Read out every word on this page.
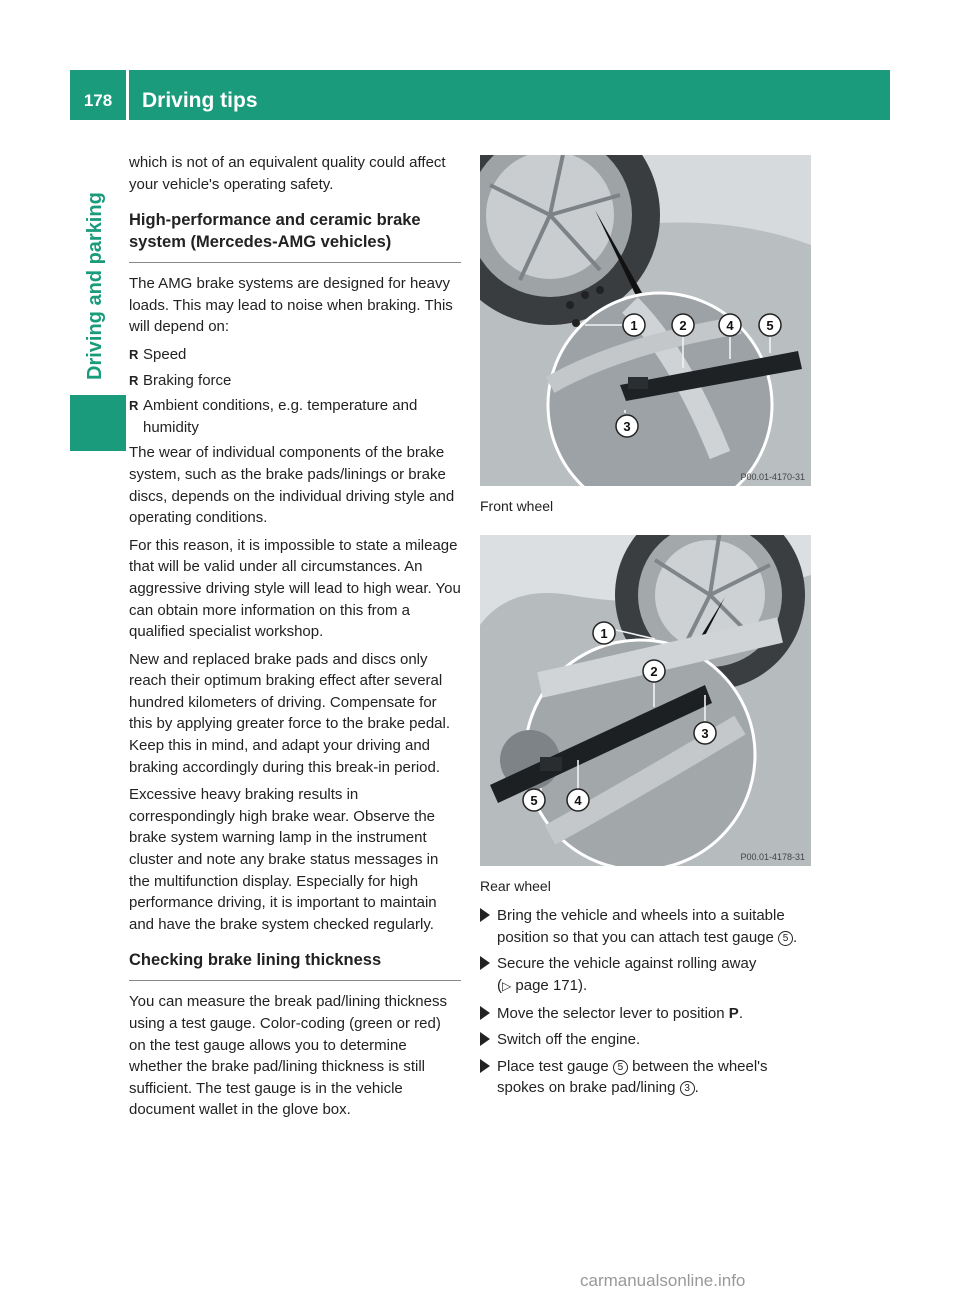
178	Driving tips
Driving and parking

which is not of an equivalent quality could affect your vehicle's operating safety.

High-performance and ceramic brake system (Mercedes-AMG vehicles)

The AMG brake systems are designed for heavy loads. This may lead to noise when braking. This will depend on:

R Speed
R Braking force
R Ambient conditions, e.g. temperature and humidity

The wear of individual components of the brake system, such as the brake pads/linings or brake discs, depends on the individual driving style and operating conditions.

For this reason, it is impossible to state a mileage that will be valid under all circumstances. An aggressive driving style will lead to high wear. You can obtain more information on this from a qualified specialist workshop.

New and replaced brake pads and discs only reach their optimum braking effect after several hundred kilometers of driving. Compensate for this by applying greater force to the brake pedal. Keep this in mind, and adapt your driving and braking accordingly during this break-in period.

Excessive heavy braking results in correspondingly high brake wear. Observe the brake system warning lamp in the instrument cluster and note any brake status messages in the multifunction display. Especially for high performance driving, it is important to maintain and have the brake system checked regularly.

Checking brake lining thickness

You can measure the break pad/lining thickness using a test gauge. Color-coding (green or red) on the test gauge allows you to determine whether the brake pad/lining thickness is still sufficient. The test gauge is in the vehicle document wallet in the glove box.

1	2
3
4	5
P00.01-4170-31
Front wheel
1
2
3
4
5
P00.01-4178-31
Rear wheel
Bring the vehicle and wheels into a suitable position so that you can attach test gauge 5 .
Secure the vehicle against rolling away
(▷ page 171).
Move the selector lever to position P.
Switch off the engine.
Place test gauge 5 between the wheel's spokes on brake pad/lining 3 .
carmanualsonline.info
